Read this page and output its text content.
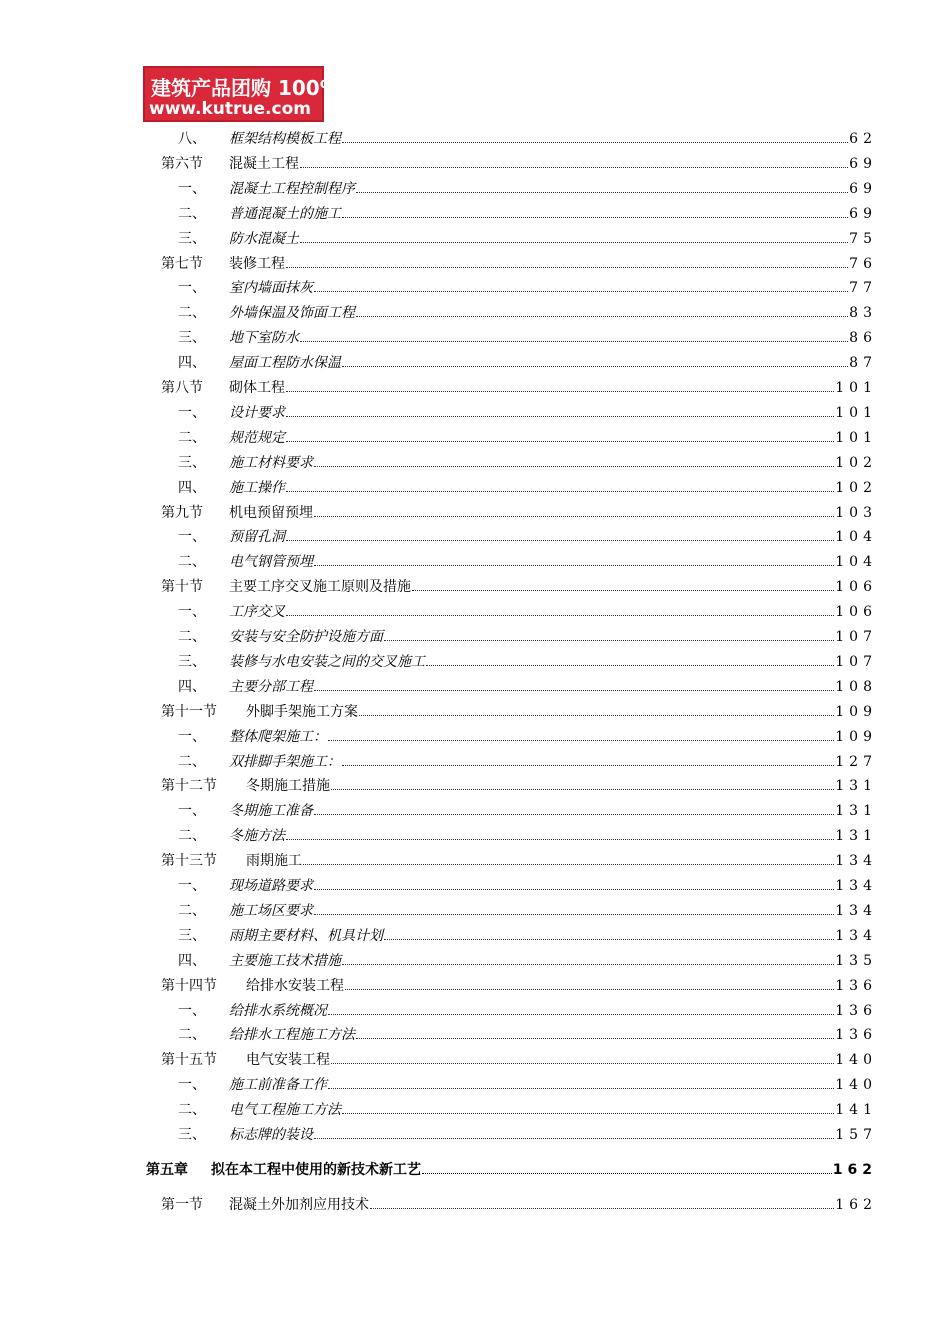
建筑产品团购 100%正品
www.kutrue.com
八、 框架结构模板工程	62
第六节 混凝土工程	69
一、 混凝土工程控制程序	69
二、 普通混凝土的施工	69
三、 防水混凝土	75
第七节 装修工程	76
一、 室内墙面抹灰	77
二、 外墙保温及饰面工程	83
三、 地下室防水	86
四、 屋面工程防水保温	87
第八节 砌体工程	101
一、 设计要求	101
二、 规范规定	101
三、 施工材料要求	102
四、 施工操作	102
第九节 机电预留预埋	103
一、 预留孔洞	104
二、 电气钢管预埋	104
第十节 主要工序交叉施工原则及措施	106
一、 工序交叉	106
二、 安装与安全防护设施方面	107
三、 装修与水电安装之间的交叉施工	107
四、 主要分部工程	108
第十一节 外脚手架施工方案	109
一、 整体爬架施工：	109
二、 双排脚手架施工：	127
第十二节 冬期施工措施	131
一、 冬期施工准备	131
二、 冬施方法	131
第十三节 雨期施工	134
一、 现场道路要求	134
二、 施工场区要求	134
三、 雨期主要材料、机具计划	134
四、 主要施工技术措施	135
第十四节 给排水安装工程	136
一、 给排水系统概况	136
二、 给排水工程施工方法	136
第十五节 电气安装工程	140
一、 施工前准备工作	140
二、 电气工程施工方法	141
三、 标志牌的装设	157
第五章 拟在本工程中使用的新技术新工艺	162
第一节 混凝土外加剂应用技术	162
